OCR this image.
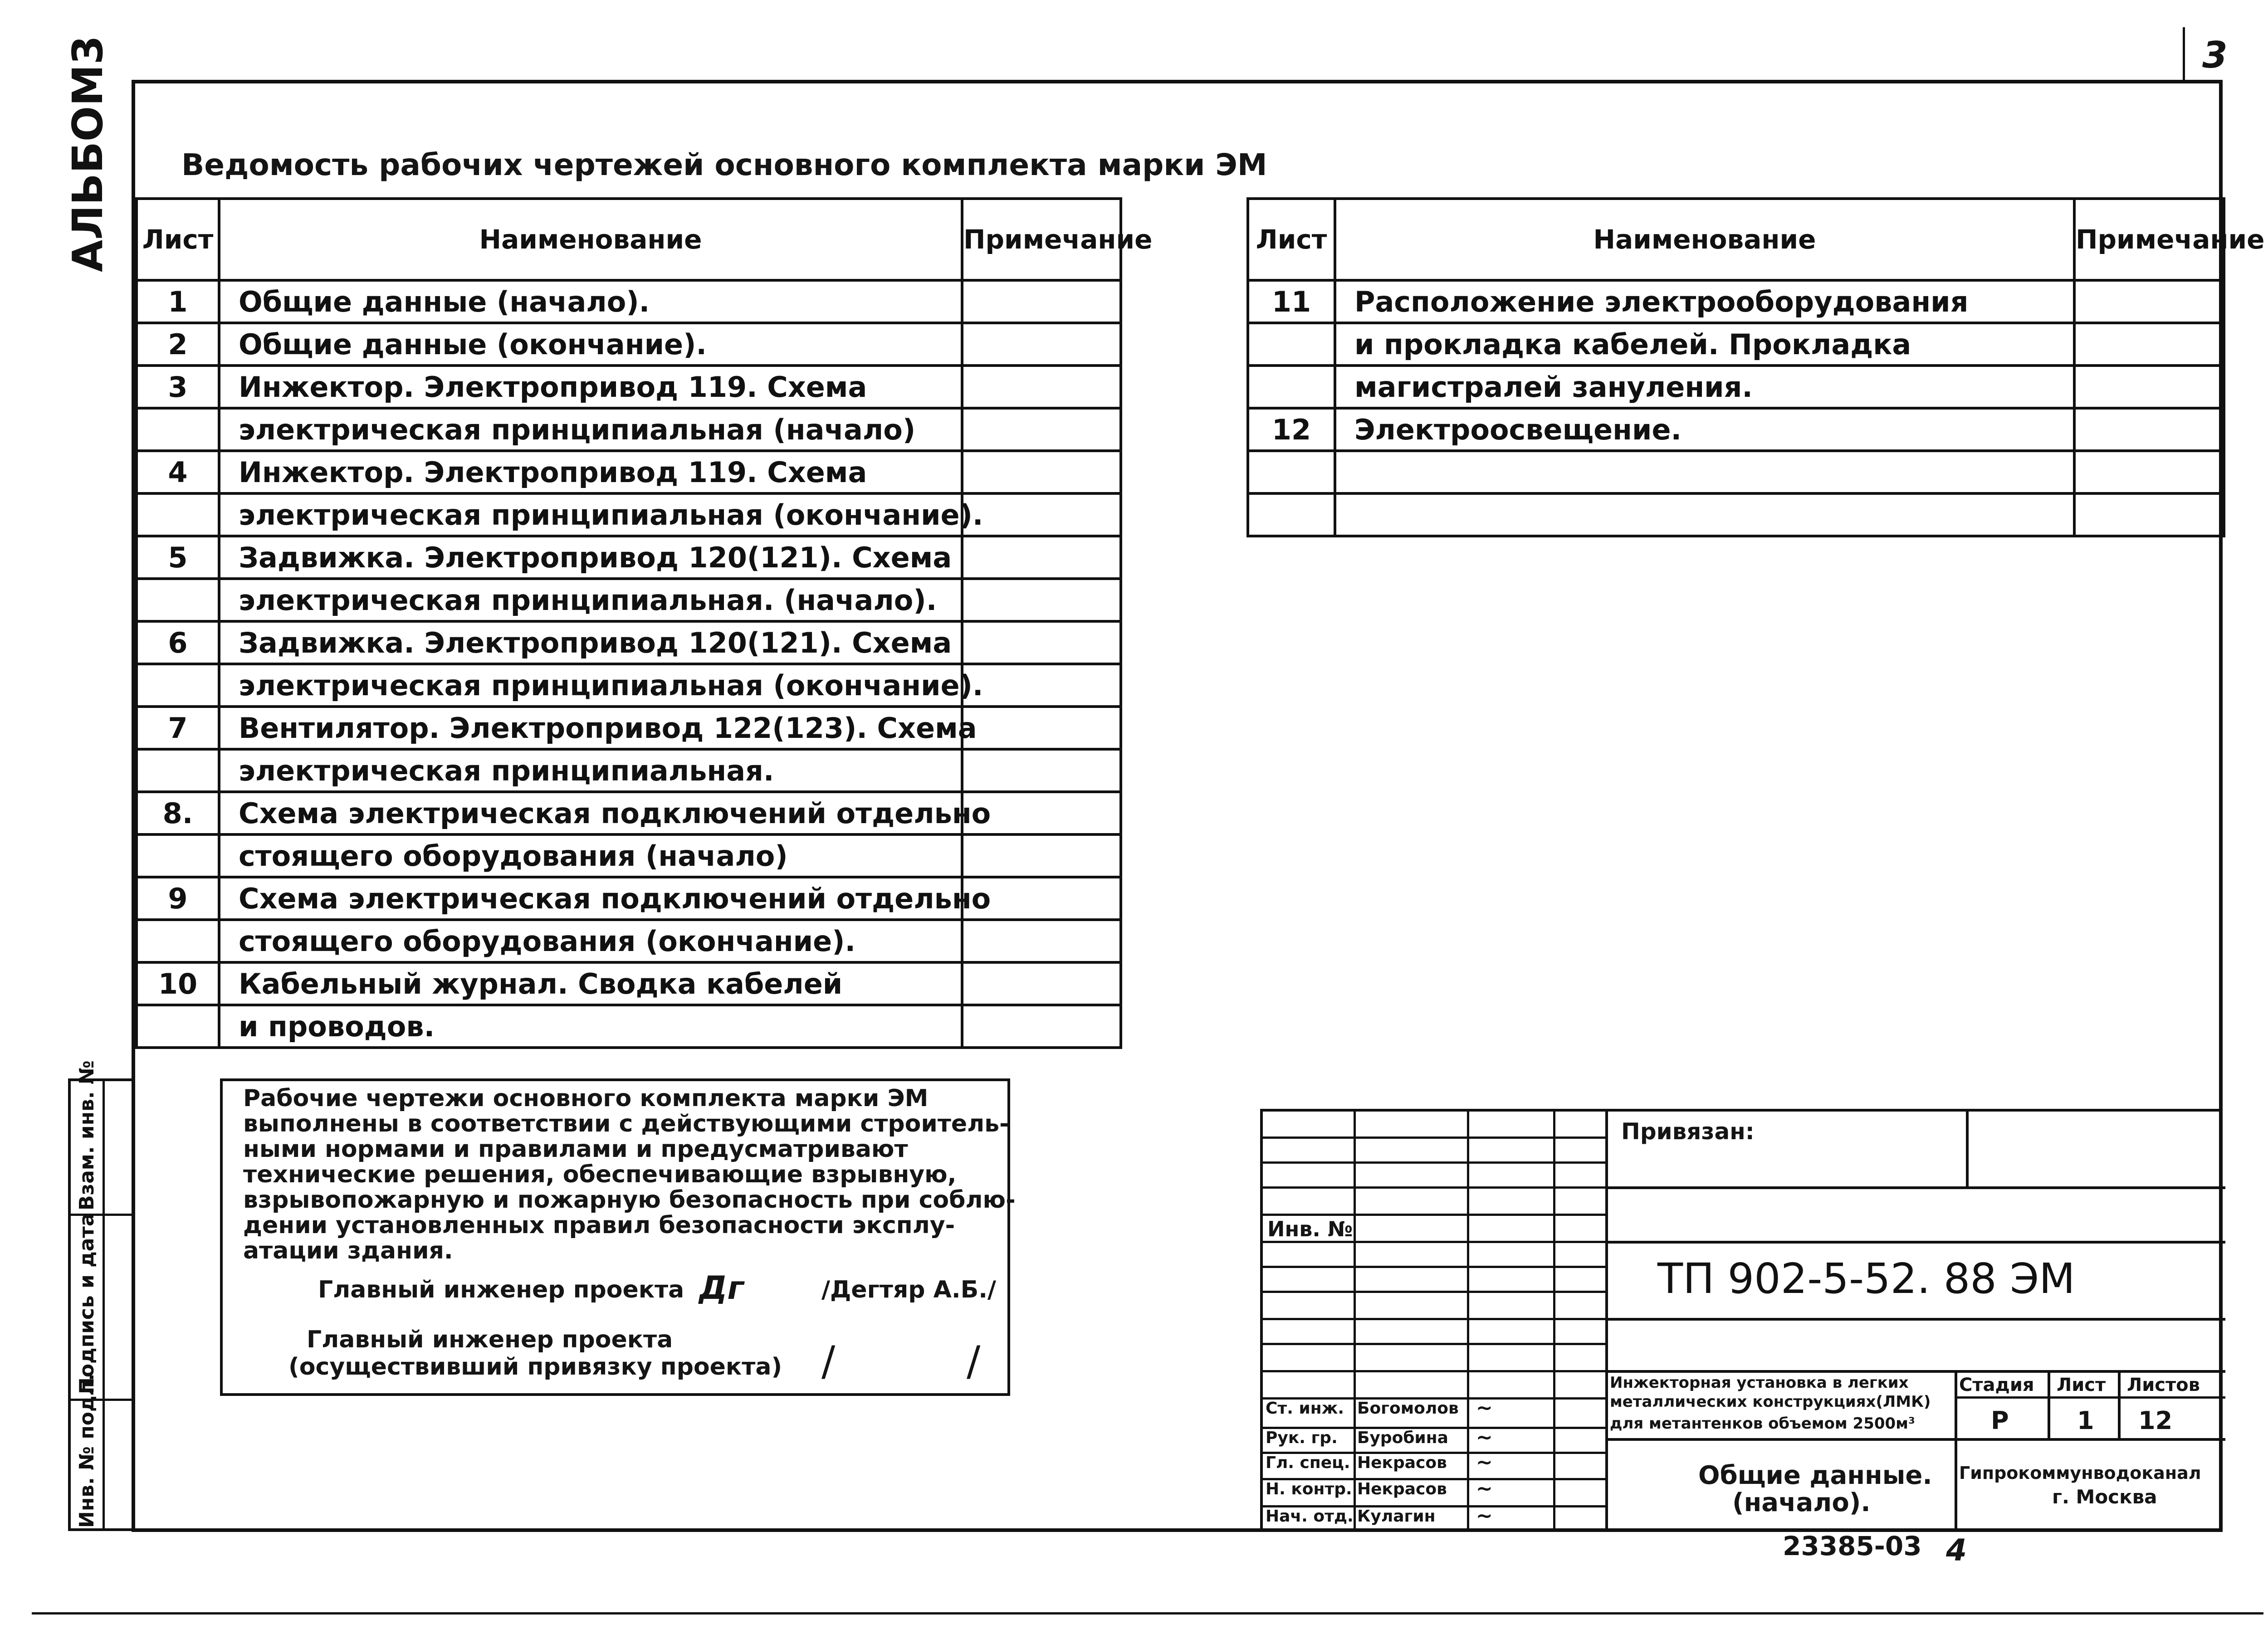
3
АЛЬБОМ3 Ведомость рабочих чертежей основного комплекта марки ЭМ
Лист	Наименование	Примечание
1	Общие данные (начало).	
2	Общие данные (окончание).	
3	Инжектор. Электропривод 119. Схема	
	электрическая принципиальная (начало)	
4	Инжектор. Электропривод 119. Схема	
	электрическая принципиальная (окончание).	
5	Задвижка. Электропривод 120(121). Схема	
	электрическая принципиальная. (начало).	
6	Задвижка. Электропривод 120(121). Схема	
	электрическая принципиальная (окончание).	
7	Вентилятор. Электропривод 122(123). Схема	
	электрическая принципиальная.	
8.	Схема электрическая подключений отдельно	
	стоящего оборудования (начало)	
9	Схема электрическая подключений отдельно	
	стоящего оборудования (окончание).	
10	Кабельный журнал. Сводка кабелей	
	и проводов.	
Лист	Наименование	Примечание
11	Расположение электрооборудования	
	и прокладка кабелей. Прокладка	
	магистралей зануления.	
12	Электроосвещение.	

Рабочие чертежи основного комплекта марки ЭМ
выполнены в соответствии с действующими строитель-
ными нормами и правилами и предусматривают
технические решения, обеспечивающие взрывную,
взрывопожарную и пожарную безопасность при соблю-
дении установленных правил безопасности эксплу-
атации здания.
Главный инженер проекта Дг	/Дегтяр А.Б./
Главный инженер проекта
(осуществивший привязку проекта) /	/
Инв. № подл.
Подпись и дата
Взам. инв. №
Ст. инж. Богомолов ∼
Рук. гр. Буробина ∼
Гл. спец. Некрасов ∼
Н. контр. Некрасов ∼
Нач. отд. Кулагин ∼
Привязан:
Инв. №
ТП 902-5-52. 88 ЭМ
Инжекторная установка в легких
металлических конструкциях(ЛМК)
для метантенков объемом 2500м³
Стадия Лист Листов
Р	1 12
Общие данные.
(начало).
Гипрокоммунводоканал
г. Москва
23385-03 4
